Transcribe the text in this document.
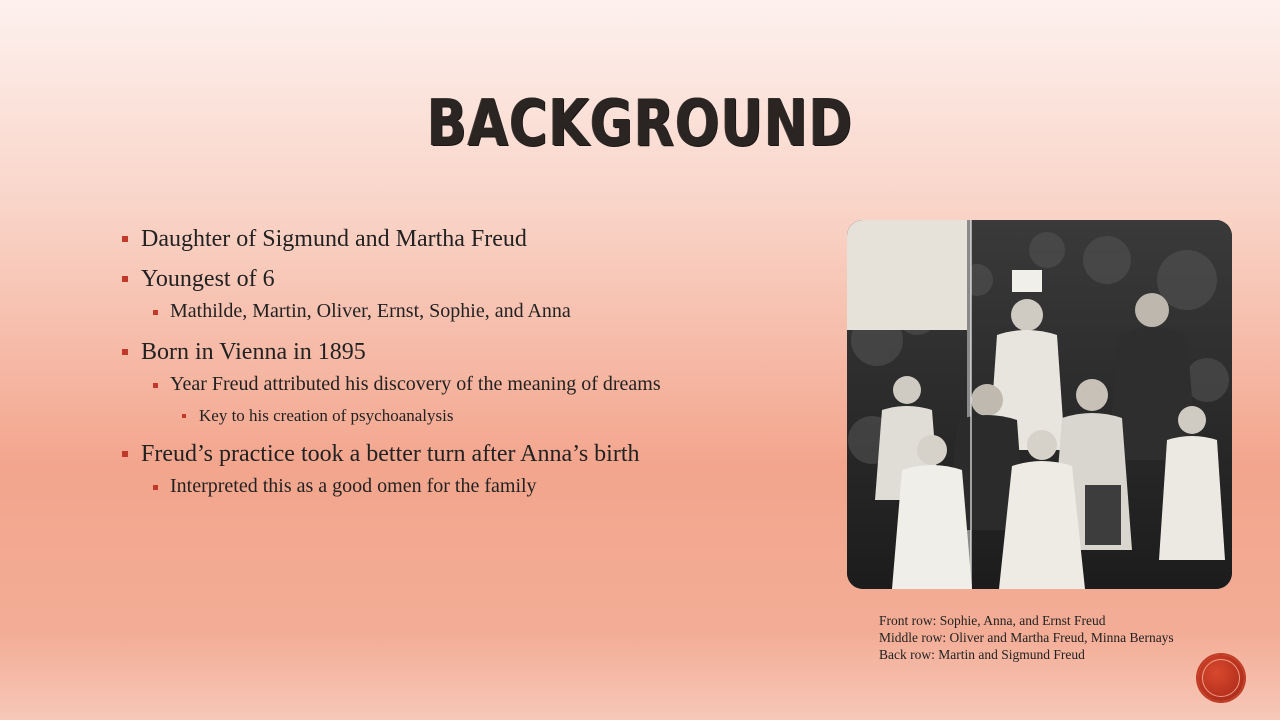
BACKGROUND
Daughter of Sigmund and Martha Freud
Youngest of 6
Mathilde, Martin, Oliver, Ernst, Sophie, and Anna
Born in Vienna in 1895
Year Freud attributed his discovery of the meaning of dreams
Key to his creation of psychoanalysis
Freud’s practice took a better turn after Anna’s birth
Interpreted this as a good omen for the family
Front row: Sophie, Anna, and Ernst Freud
Middle row: Oliver and Martha Freud, Minna Bernays
Back row: Martin and Sigmund Freud
